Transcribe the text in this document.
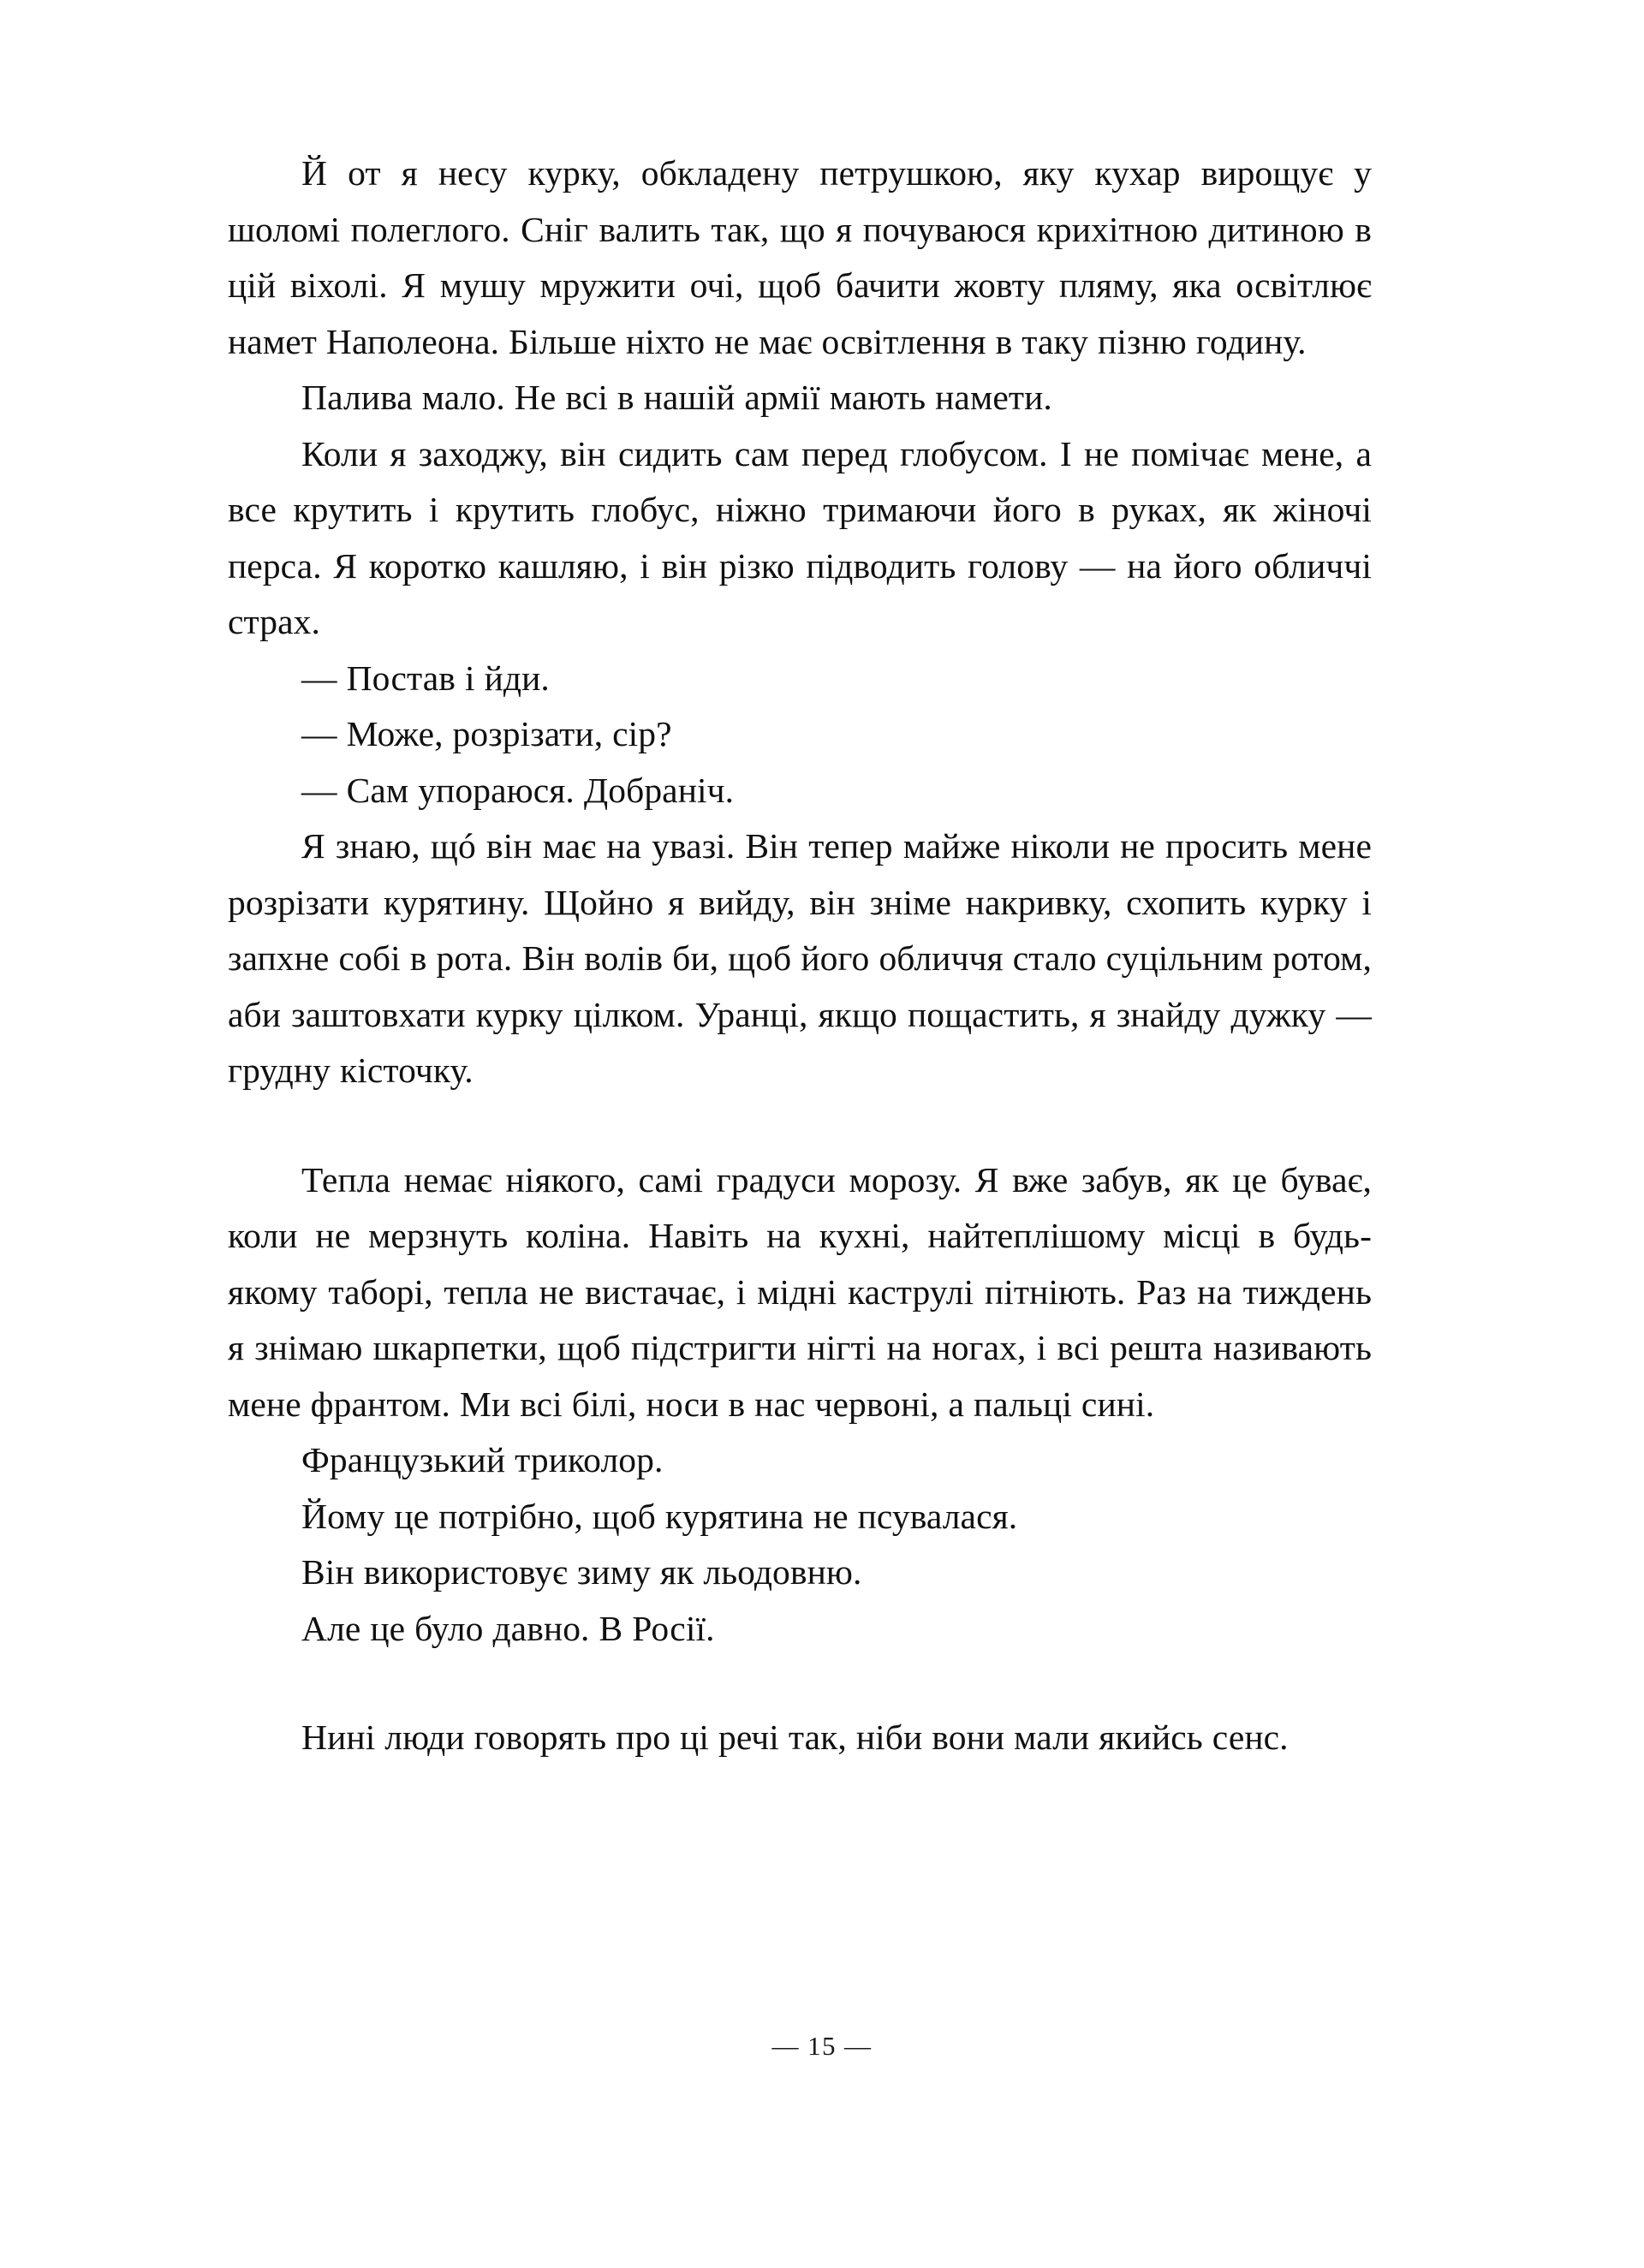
Й от я несу курку, обкладену петрушкою, яку кухар вирощує у шоломі полеглого. Сніг валить так, що я почуваюся крихітною дитиною в цій віхолі. Я мушу мружити очі, щоб бачити жовту пляму, яка освітлює намет Наполеона. Більше ніхто не має освітлення в таку пізню годину.

Палива мало. Не всі в нашій армії мають намети.

Коли я заходжу, він сидить сам перед глобусом. І не помічає мене, а все крутить і крутить глобус, ніжно тримаючи його в руках, як жіночі перса. Я коротко кашляю, і він різко підводить голову — на його обличчі страх.

— Постав і йди.

— Може, розрізати, сір?

— Сам упораюся. Добраніч.

Я знаю, щó він має на увазі. Він тепер майже ніколи не просить мене розрізати курятину. Щойно я вийду, він зніме накривку, схопить курку і запхне собі в рота. Він волів би, щоб його обличчя стало суцільним ротом, аби заштовхати курку цілком. Уранці, якщо пощастить, я знайду дужку — грудну кісточку.

Тепла немає ніякого, самі градуси морозу. Я вже забув, як це буває, коли не мерзнуть коліна. Навіть на кухні, найтеплішому місці в будь-якому таборі, тепла не вистачає, і мідні каструлі пітніють. Раз на тиждень я знімаю шкарпетки, щоб підстригти нігті на ногах, і всі решта називають мене франтом. Ми всі білі, носи в нас червоні, а пальці сині.

Французький триколор.

Йому це потрібно, щоб курятина не псувалася.

Він використовує зиму як льодовню.

Але це було давно. В Росії.

Нині люди говорять про ці речі так, ніби вони мали якийсь сенс.

— 15 —
